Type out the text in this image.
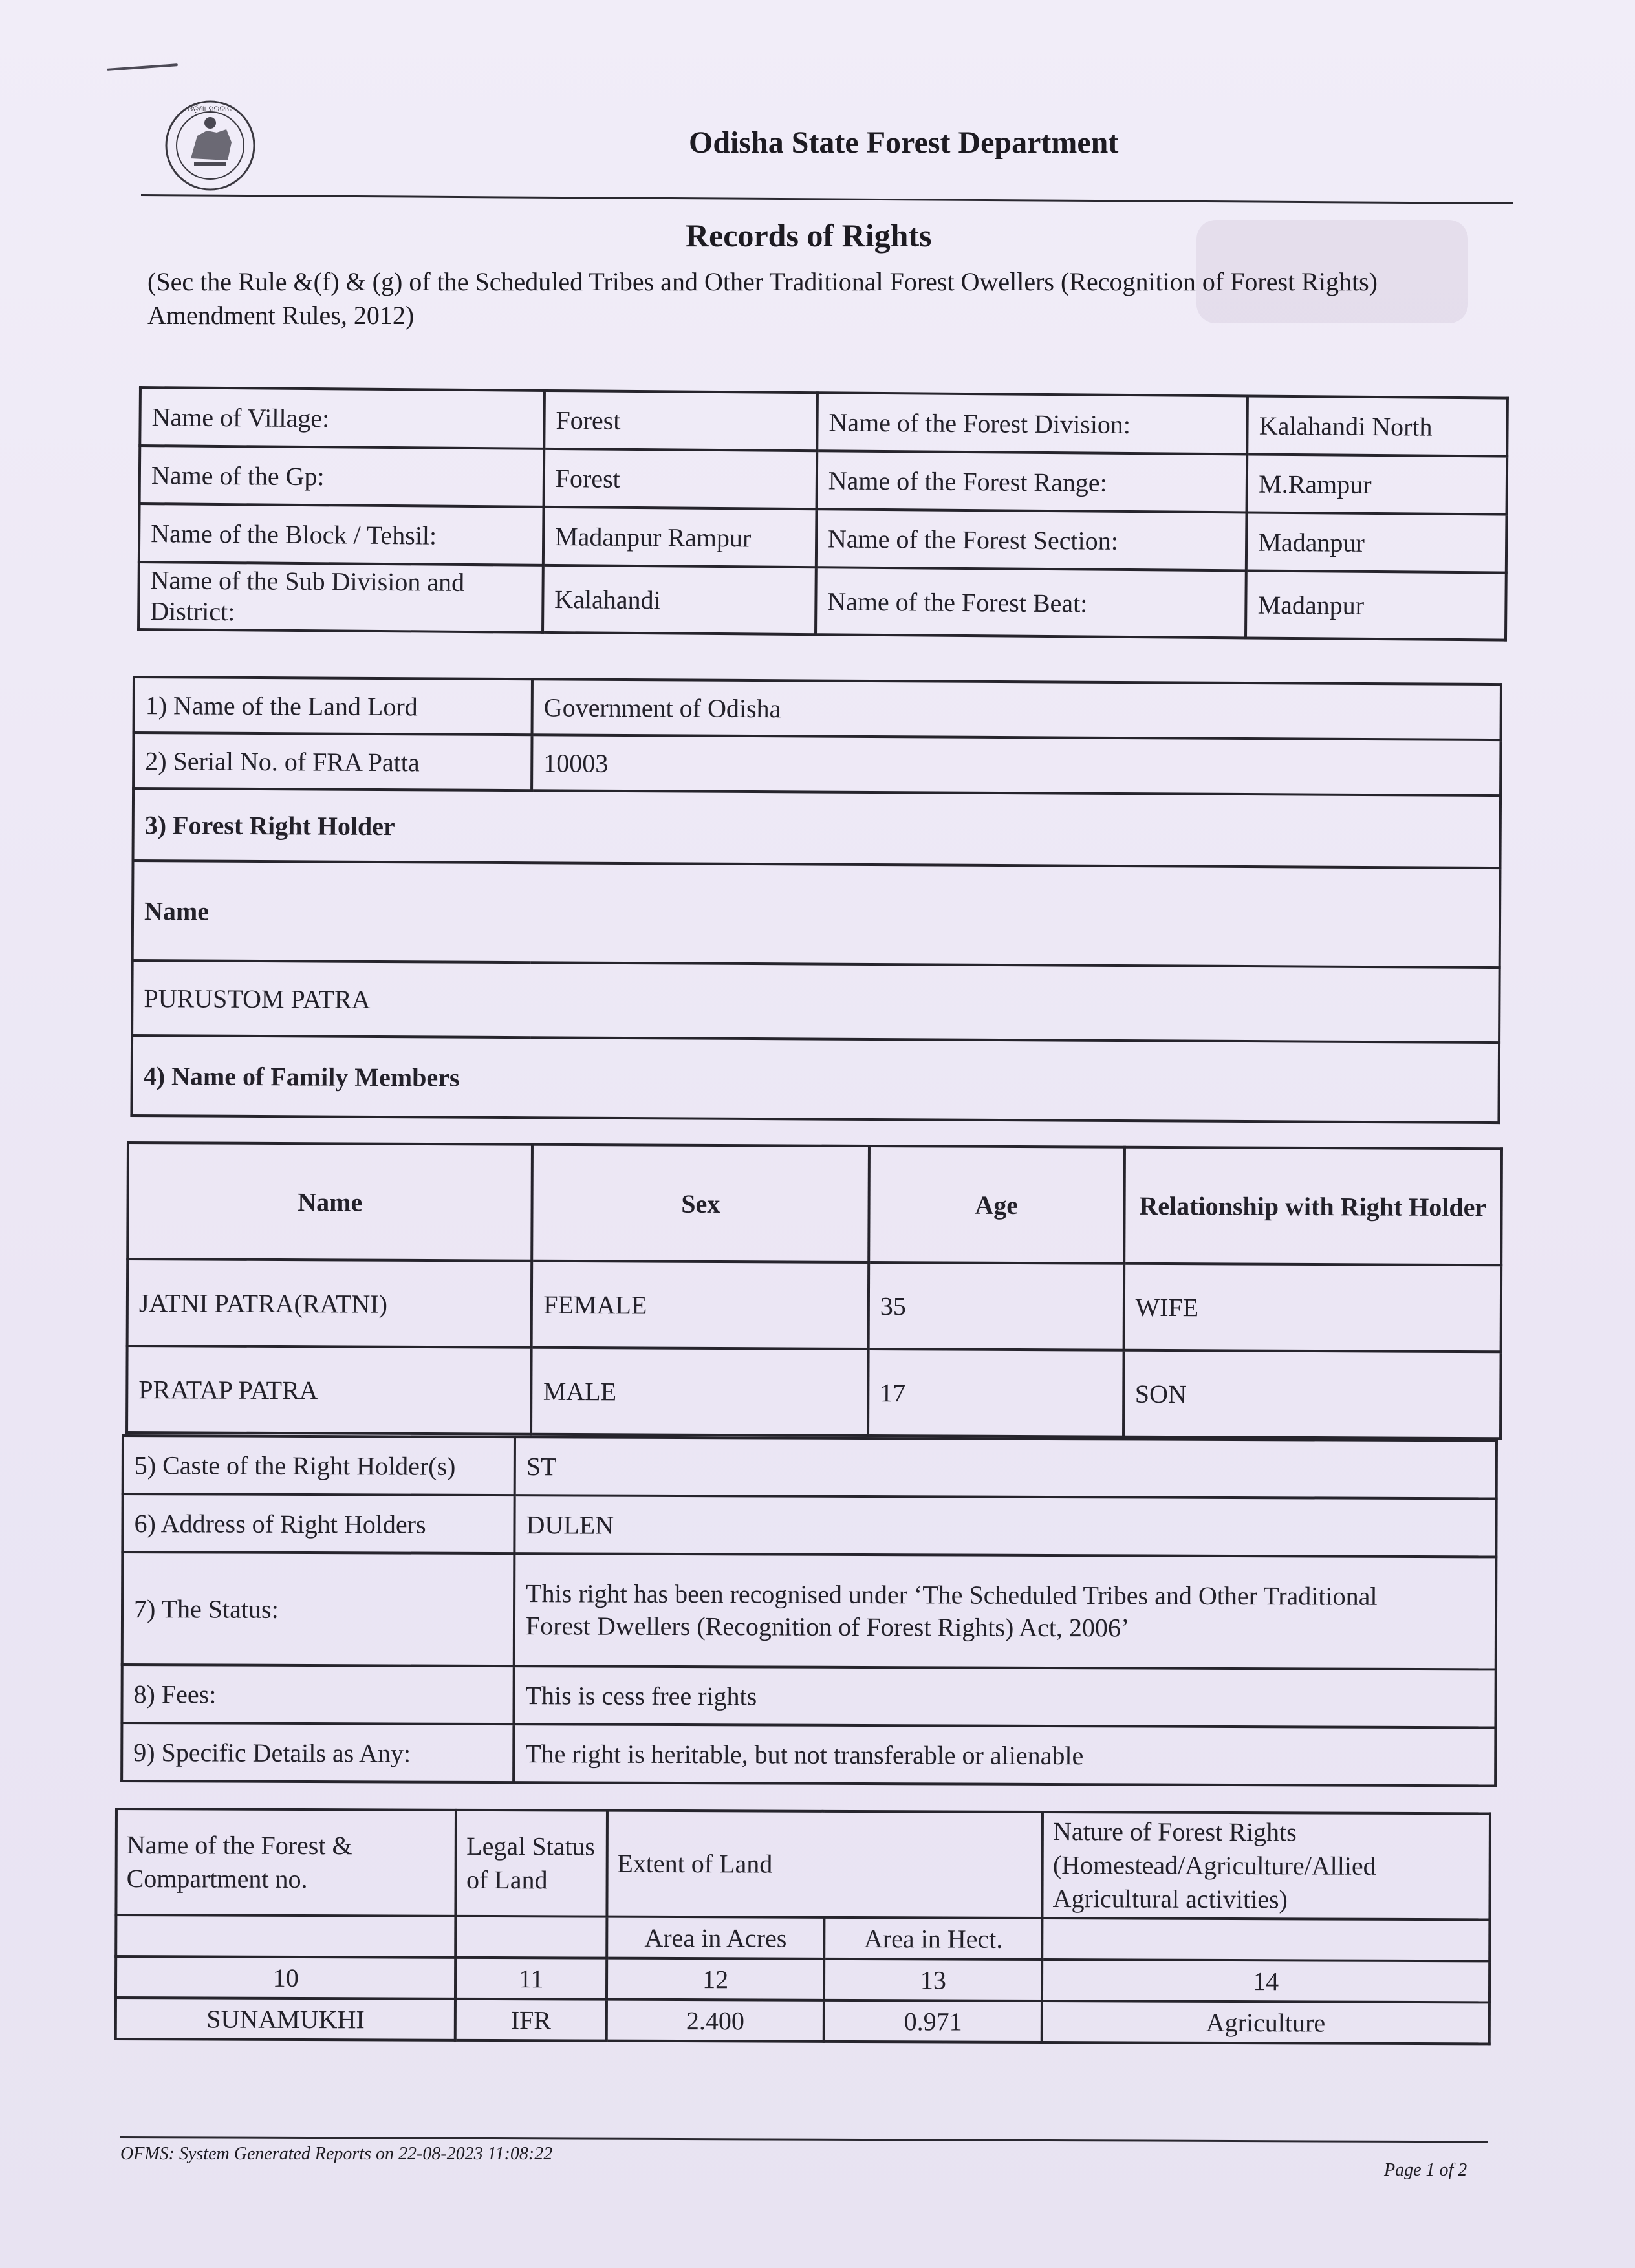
ଓଡ଼ିଶା ସରକାର
Odisha State Forest Department
Records of Rights
(Sec the Rule &(f) & (g) of the Scheduled Tribes and Other Traditional Forest Owellers (Recognition of Forest Rights) Amendment Rules, 2012)
Name of Village:	Forest	Name of the Forest Division:	Kalahandi North
Name of the Gp:	Forest	Name of the Forest Range:	M.Rampur
Name of the Block / Tehsil:	Madanpur Rampur	Name of the Forest Section:	Madanpur
Name of the Sub Division and District:	Kalahandi	Name of the Forest Beat:	Madanpur
1) Name of the Land Lord	Government of Odisha
2) Serial No. of FRA Patta	10003
3) Forest Right Holder	
Name	
PURUSTOM PATRA	
4) Name of Family Members	
Name	Sex	Age	Relationship with Right Holder
JATNI PATRA(RATNI)	FEMALE	35	WIFE
PRATAP PATRA	MALE	17	SON
5) Caste of the Right Holder(s)	ST
6) Address of Right Holders	DULEN
7) The Status:	This right has been recognised under ‘The Scheduled Tribes and Other Traditional
Forest Dwellers (Recognition of Forest Rights) Act, 2006’

8) Fees:	This is cess free rights
9) Specific Details as Any:	The right is heritable, but not transferable or alienable
Name of the Forest & Compartment no.	Legal Status of Land	Extent of Land		Nature of Forest Rights (Homestead/Agriculture/Allied Agricultural activities)
		Area in Acres	Area in Hect.	
10	11	12	13	14
SUNAMUKHI	IFR	2.400	0.971	Agriculture
OFMS: System Generated Reports on 22-08-2023 11:08:22
Page 1 of 2
